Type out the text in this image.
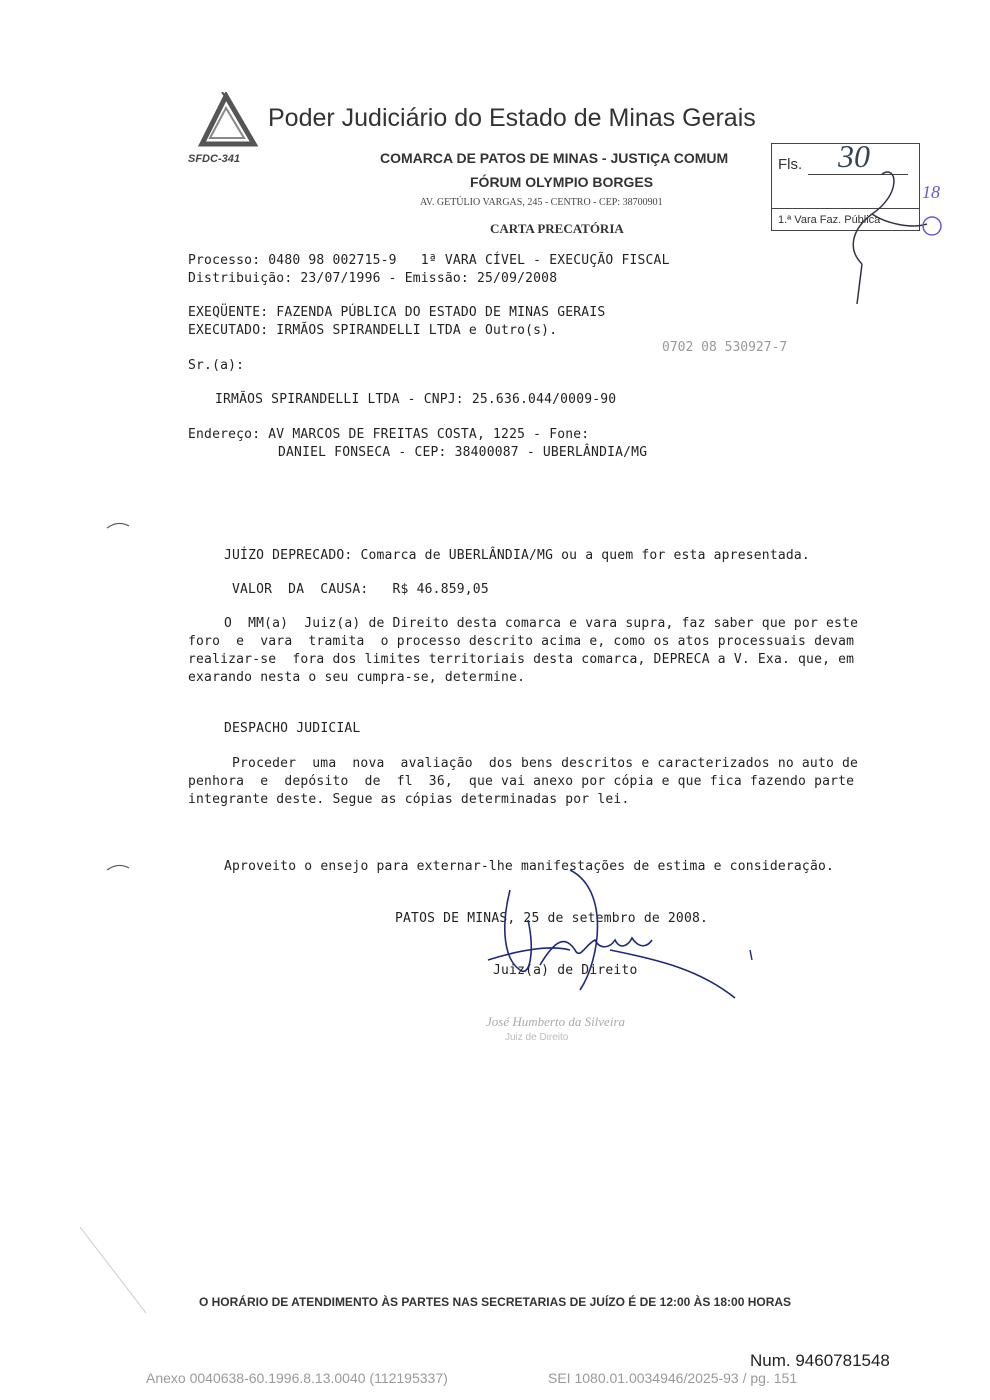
Poder Judiciário do Estado de Minas Gerais
SFDC-341	COMARCA DE PATOS DE MINAS - JUSTIÇA COMUM
FÓRUM OLYMPIO BORGES
AV. GETÚLIO VARGAS, 245 - CENTRO - CEP: 38700901
CARTA PRECATÓRIA
Fls. 30
1.ª Vara Faz. Pública
18
Processo: 0480 98 002715-9   1ª VARA CÍVEL - EXECUÇÃO FISCAL
Distribuição: 23/07/1996 - Emissão: 25/09/2008
EXEQÜENTE: FAZENDA PÚBLICA DO ESTADO DE MINAS GERAIS
EXECUTADO: IRMÃOS SPIRANDELLI LTDA e Outro(s).
0702 08 530927-7
Sr.(a):
IRMÃOS SPIRANDELLI LTDA - CNPJ: 25.636.044/0009-90
Endereço: AV MARCOS DE FREITAS COSTA, 1225 - Fone:
DANIEL FONSECA - CEP: 38400087 - UBERLÂNDIA/MG
JUÍZO DEPRECADO: Comarca de UBERLÂNDIA/MG ou a quem for esta apresentada.
VALOR  DA  CAUSA:   R$ 46.859,05
O  MM(a)  Juiz(a) de Direito desta comarca e vara supra, faz saber que por este
foro  e  vara  tramita  o processo descrito acima e, como os atos processuais devam
realizar-se  fora dos limites territoriais desta comarca, DEPRECA a V. Exa. que, em
exarando nesta o seu cumpra-se, determine.
DESPACHO JUDICIAL
Proceder  uma  nova  avaliação  dos bens descritos e caracterizados no auto de
penhora  e  depósito  de  fl  36,  que vai anexo por cópia e que fica fazendo parte
integrante deste. Segue as cópias determinadas por lei.
Aproveito o ensejo para externar-lhe manifestações de estima e consideração.
PATOS DE MINAS, 25 de setembro de 2008.
Juiz(a) de Direito
José Humberto da Silveira
Juiz de Direito
O HORÁRIO DE ATENDIMENTO ÀS PARTES NAS SECRETARIAS DE JUÍZO É DE 12:00 ÀS 18:00 HORAS
Num. 9460781548
Anexo 0040638-60.1996.8.13.0040 (112195337)	SEI 1080.01.0034946/2025-93 / pg. 151
